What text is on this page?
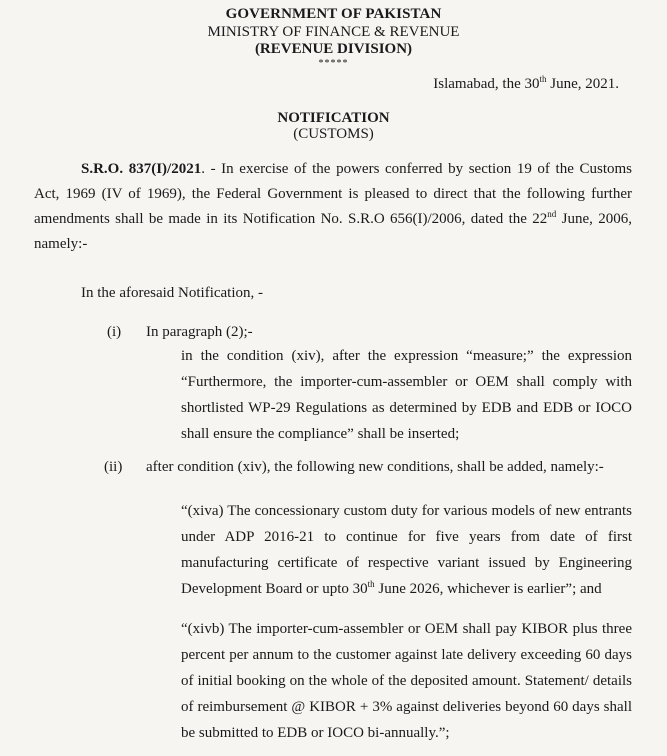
GOVERNMENT OF PAKISTAN
MINISTRY OF FINANCE & REVENUE
(REVENUE DIVISION)
*****
Islamabad, the 30th June, 2021.
NOTIFICATION
(CUSTOMS)
S.R.O. 837(I)/2021. - In exercise of the powers conferred by section 19 of the Customs Act, 1969 (IV of 1969), the Federal Government is pleased to direct that the following further amendments shall be made in its Notification No. S.R.O 656(I)/2006, dated the 22nd June, 2006, namely:-
In the aforesaid Notification, -
(i) In paragraph (2);-
in the condition (xiv), after the expression “measure;” the expression “Furthermore, the importer-cum-assembler or OEM shall comply with shortlisted WP-29 Regulations as determined by EDB and EDB or IOCO shall ensure the compliance” shall be inserted;
(ii) after condition (xiv), the following new conditions, shall be added, namely:-
“(xiva) The concessionary custom duty for various models of new entrants under ADP 2016-21 to continue for five years from date of first manufacturing certificate of respective variant issued by Engineering Development Board or upto 30th June 2026, whichever is earlier”; and
“(xivb) The importer-cum-assembler or OEM shall pay KIBOR plus three percent per annum to the customer against late delivery exceeding 60 days of initial booking on the whole of the deposited amount. Statement/ details of reimbursement @ KIBOR + 3% against deliveries beyond 60 days shall be submitted to EDB or IOCO bi-annually.”;
